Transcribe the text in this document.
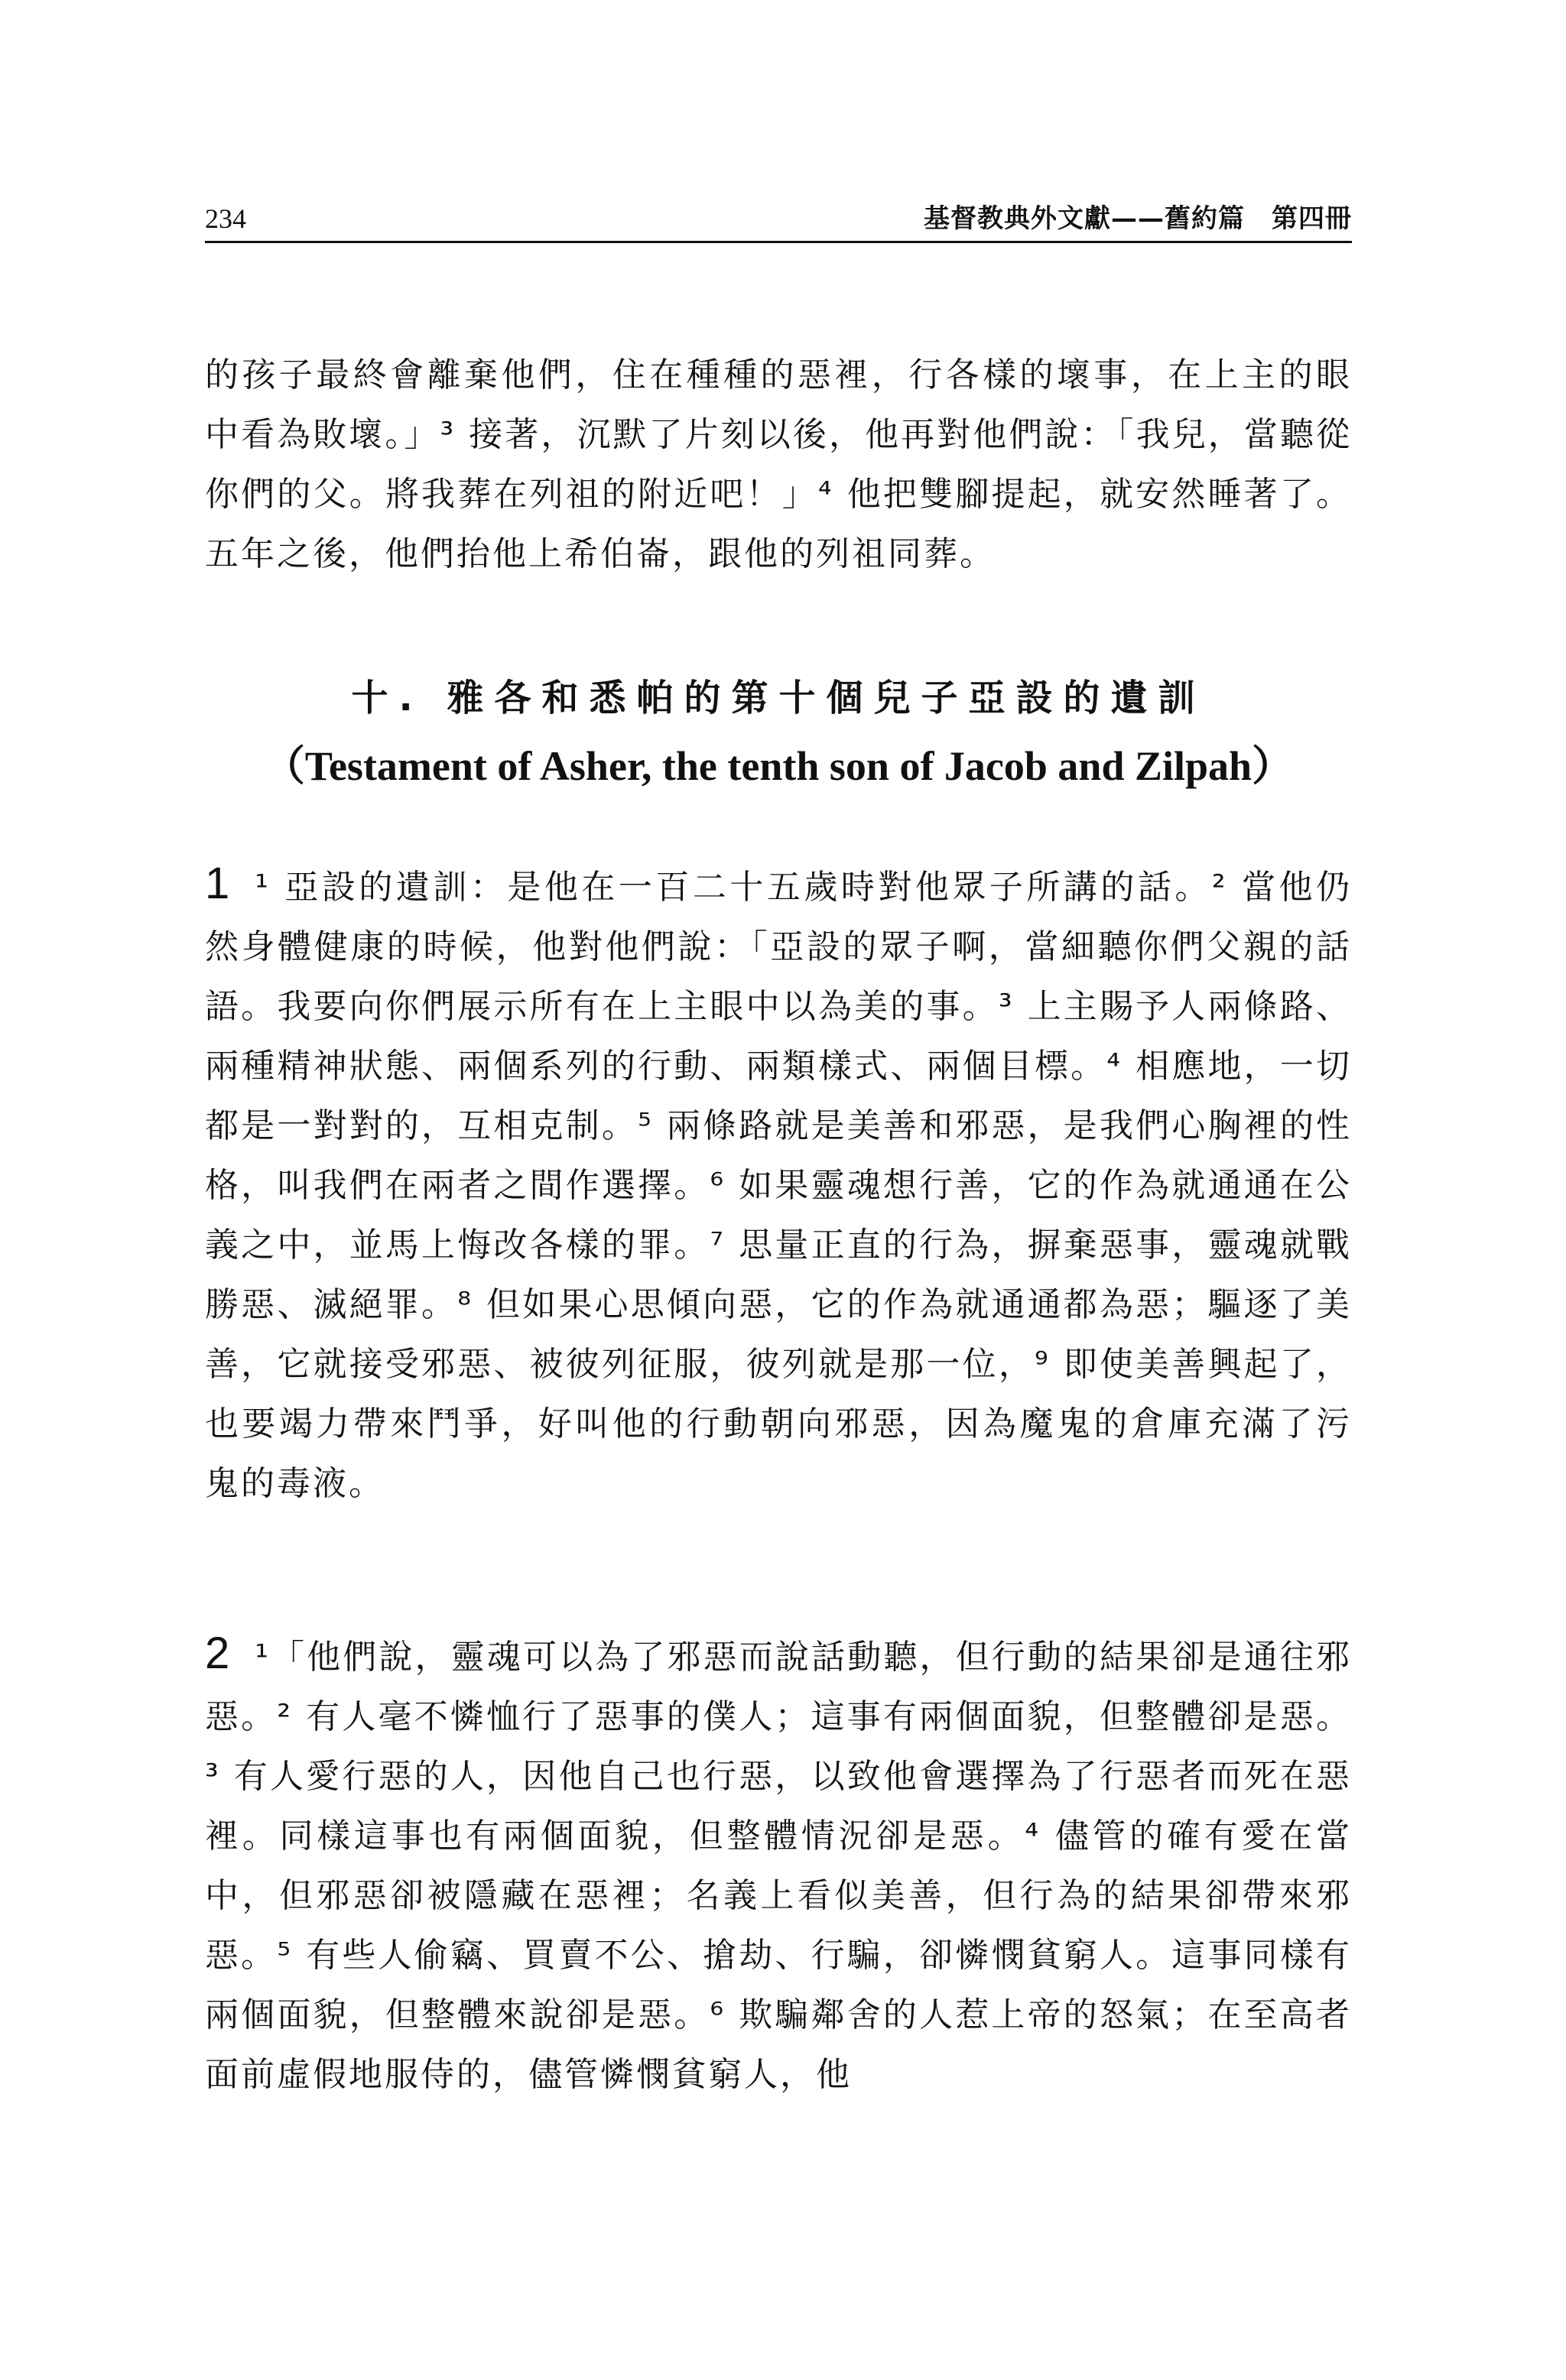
234	基督教典外文獻——舊約篇　第四冊
的孩子最終會離棄他們，住在種種的惡裡，行各樣的壞事，在上主的眼中看為敗壞。」³ 接著，沉默了片刻以後，他再對他們說：「我兒，當聽從你們的父。將我葬在列祖的附近吧！」⁴ 他把雙腳提起，就安然睡著了。五年之後，他們抬他上希伯崙，跟他的列祖同葬。
十. 雅各和悉帕的第十個兒子亞設的遺訓
（Testament of Asher, the tenth son of Jacob and Zilpah）
1 ¹ 亞設的遺訓：是他在一百二十五歲時對他眾子所講的話。² 當他仍然身體健康的時候，他對他們說：「亞設的眾子啊，當細聽你們父親的話語。我要向你們展示所有在上主眼中以為美的事。³ 上主賜予人兩條路、兩種精神狀態、兩個系列的行動、兩類樣式、兩個目標。⁴ 相應地，一切都是一對對的，互相克制。⁵ 兩條路就是美善和邪惡，是我們心胸裡的性格，叫我們在兩者之間作選擇。⁶ 如果靈魂想行善，它的作為就通通在公義之中，並馬上悔改各樣的罪。⁷ 思量正直的行為，摒棄惡事，靈魂就戰勝惡、滅絕罪。⁸ 但如果心思傾向惡，它的作為就通通都為惡；驅逐了美善，它就接受邪惡、被彼列征服，彼列就是那一位，⁹ 即使美善興起了，也要竭力帶來鬥爭，好叫他的行動朝向邪惡，因為魔鬼的倉庫充滿了污鬼的毒液。
2 ¹「他們說，靈魂可以為了邪惡而說話動聽，但行動的結果卻是通往邪惡。² 有人毫不憐恤行了惡事的僕人；這事有兩個面貌，但整體卻是惡。³ 有人愛行惡的人，因他自己也行惡，以致他會選擇為了行惡者而死在惡裡。同樣這事也有兩個面貌，但整體情況卻是惡。⁴ 儘管的確有愛在當中，但邪惡卻被隱藏在惡裡；名義上看似美善，但行為的結果卻帶來邪惡。⁵ 有些人偷竊、買賣不公、搶劫、行騙，卻憐憫貧窮人。這事同樣有兩個面貌，但整體來說卻是惡。⁶ 欺騙鄰舍的人惹上帝的怒氣；在至高者面前虛假地服侍的，儘管憐憫貧窮人，他
